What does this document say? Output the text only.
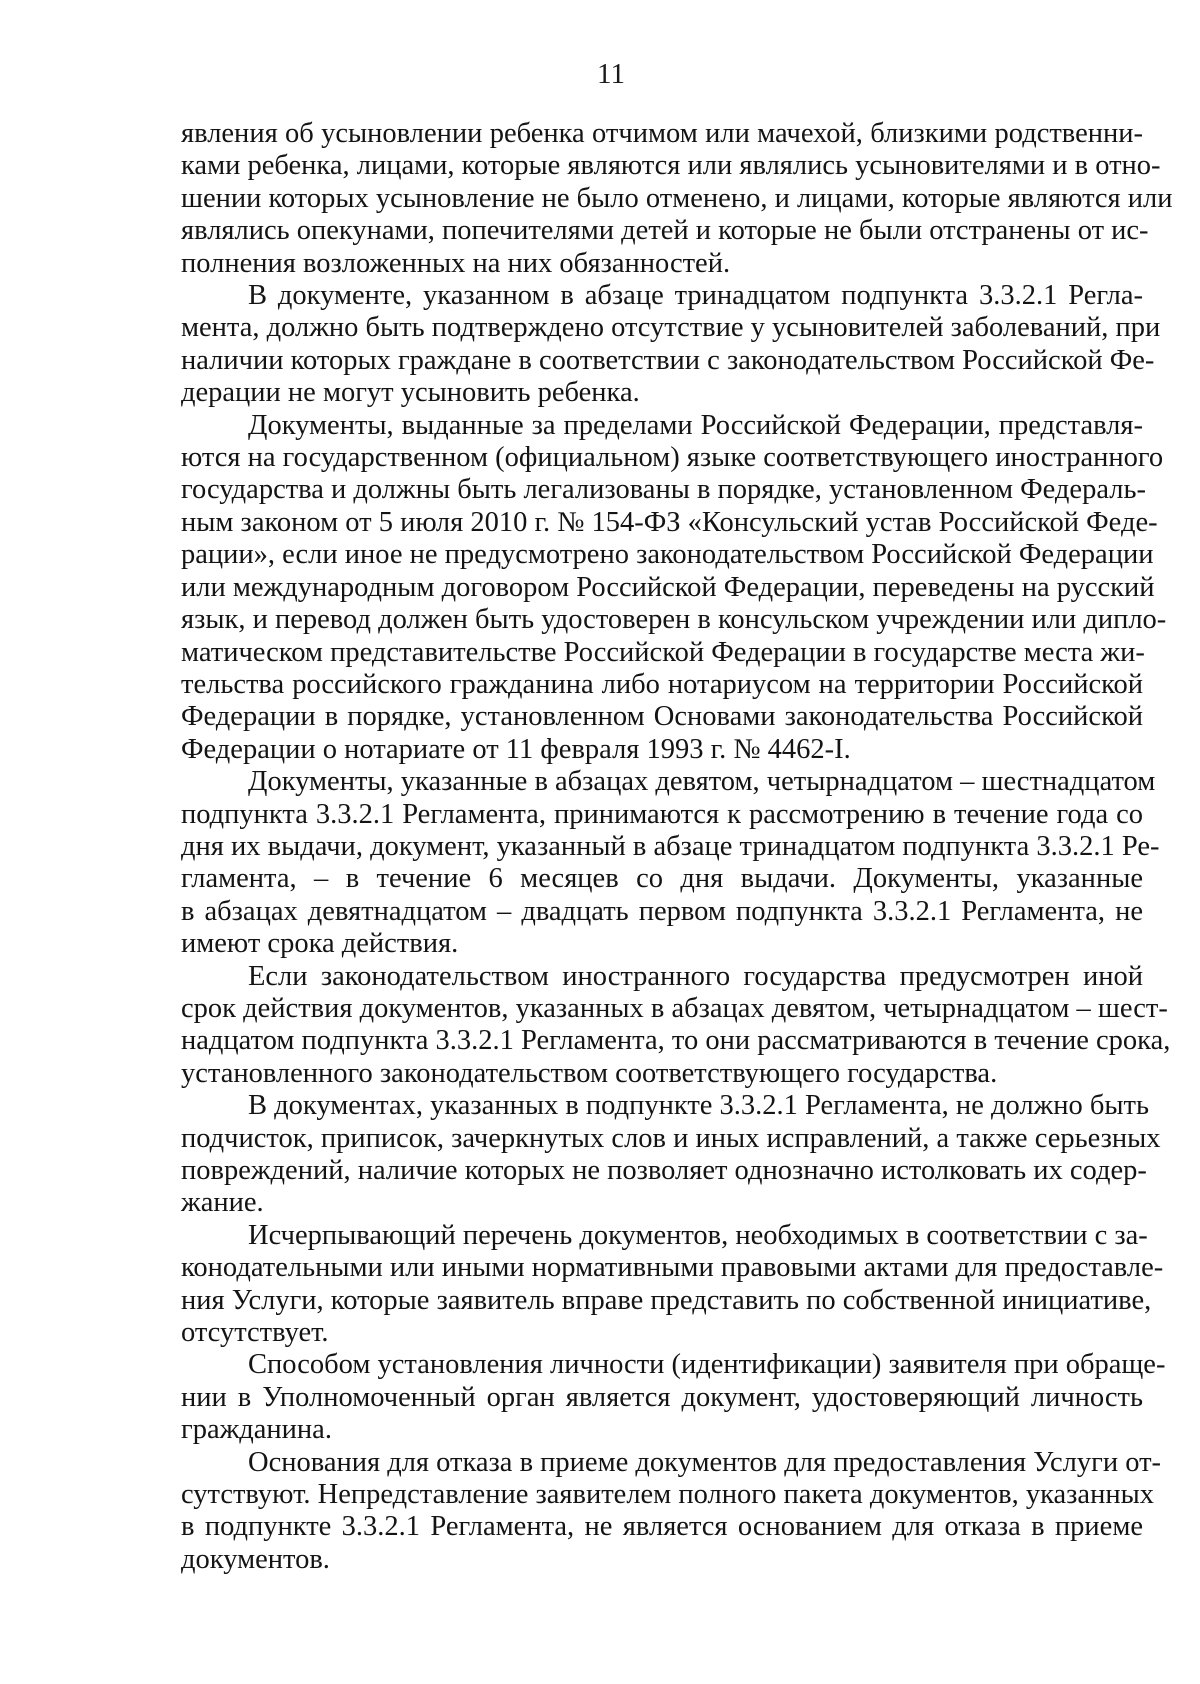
11

явления об усыновлении ребенка отчимом или мачехой, близкими родственни-
ками ребенка, лицами, которые являются или являлись усыновителями и в отно-
шении которых усыновление не было отменено, и лицами, которые являются или
являлись опекунами, попечителями детей и которые не были отстранены от ис-
полнения возложенных на них обязанностей.

В документе, указанном в абзаце тринадцатом подпункта 3.3.2.1 Регла-
мента, должно быть подтверждено отсутствие у усыновителей заболеваний, при
наличии которых граждане в соответствии с законодательством Российской Фе-
дерации не могут усыновить ребенка.

Документы, выданные за пределами Российской Федерации, представля-
ются на государственном (официальном) языке соответствующего иностранного
государства и должны быть легализованы в порядке, установленном Федераль-
ным законом от 5 июля 2010 г. № 154-ФЗ «Консульский устав Российской Феде-
рации», если иное не предусмотрено законодательством Российской Федерации
или международным договором Российской Федерации, переведены на русский
язык, и перевод должен быть удостоверен в консульском учреждении или дипло-
матическом представительстве Российской Федерации в государстве места жи-
тельства российского гражданина либо нотариусом на территории Российской
Федерации в порядке, установленном Основами законодательства Российской
Федерации о нотариате от 11 февраля 1993 г. № 4462-I.

Документы, указанные в абзацах девятом, четырнадцатом – шестнадцатом
подпункта 3.3.2.1 Регламента, принимаются к рассмотрению в течение года со
дня их выдачи, документ, указанный в абзаце тринадцатом подпункта 3.3.2.1 Ре-
гламента, – в течение 6 месяцев со дня выдачи. Документы, указанные
в абзацах девятнадцатом – двадцать первом подпункта 3.3.2.1 Регламента, не
имеют срока действия.

Если законодательством иностранного государства предусмотрен иной
срок действия документов, указанных в абзацах девятом, четырнадцатом – шест-
надцатом подпункта 3.3.2.1 Регламента, то они рассматриваются в течение срока,
установленного законодательством соответствующего государства.

В документах, указанных в подпункте 3.3.2.1 Регламента, не должно быть
подчисток, приписок, зачеркнутых слов и иных исправлений, а также серьезных
повреждений, наличие которых не позволяет однозначно истолковать их содер-
жание.

Исчерпывающий перечень документов, необходимых в соответствии с за-
конодательными или иными нормативными правовыми актами для предоставле-
ния Услуги, которые заявитель вправе представить по собственной инициативе,
отсутствует.

Способом установления личности (идентификации) заявителя при обраще-
нии в Уполномоченный орган является документ, удостоверяющий личность
гражданина.

Основания для отказа в приеме документов для предоставления Услуги от-
сутствуют. Непредставление заявителем полного пакета документов, указанных
в подпункте 3.3.2.1 Регламента, не является основанием для отказа в приеме
документов.
